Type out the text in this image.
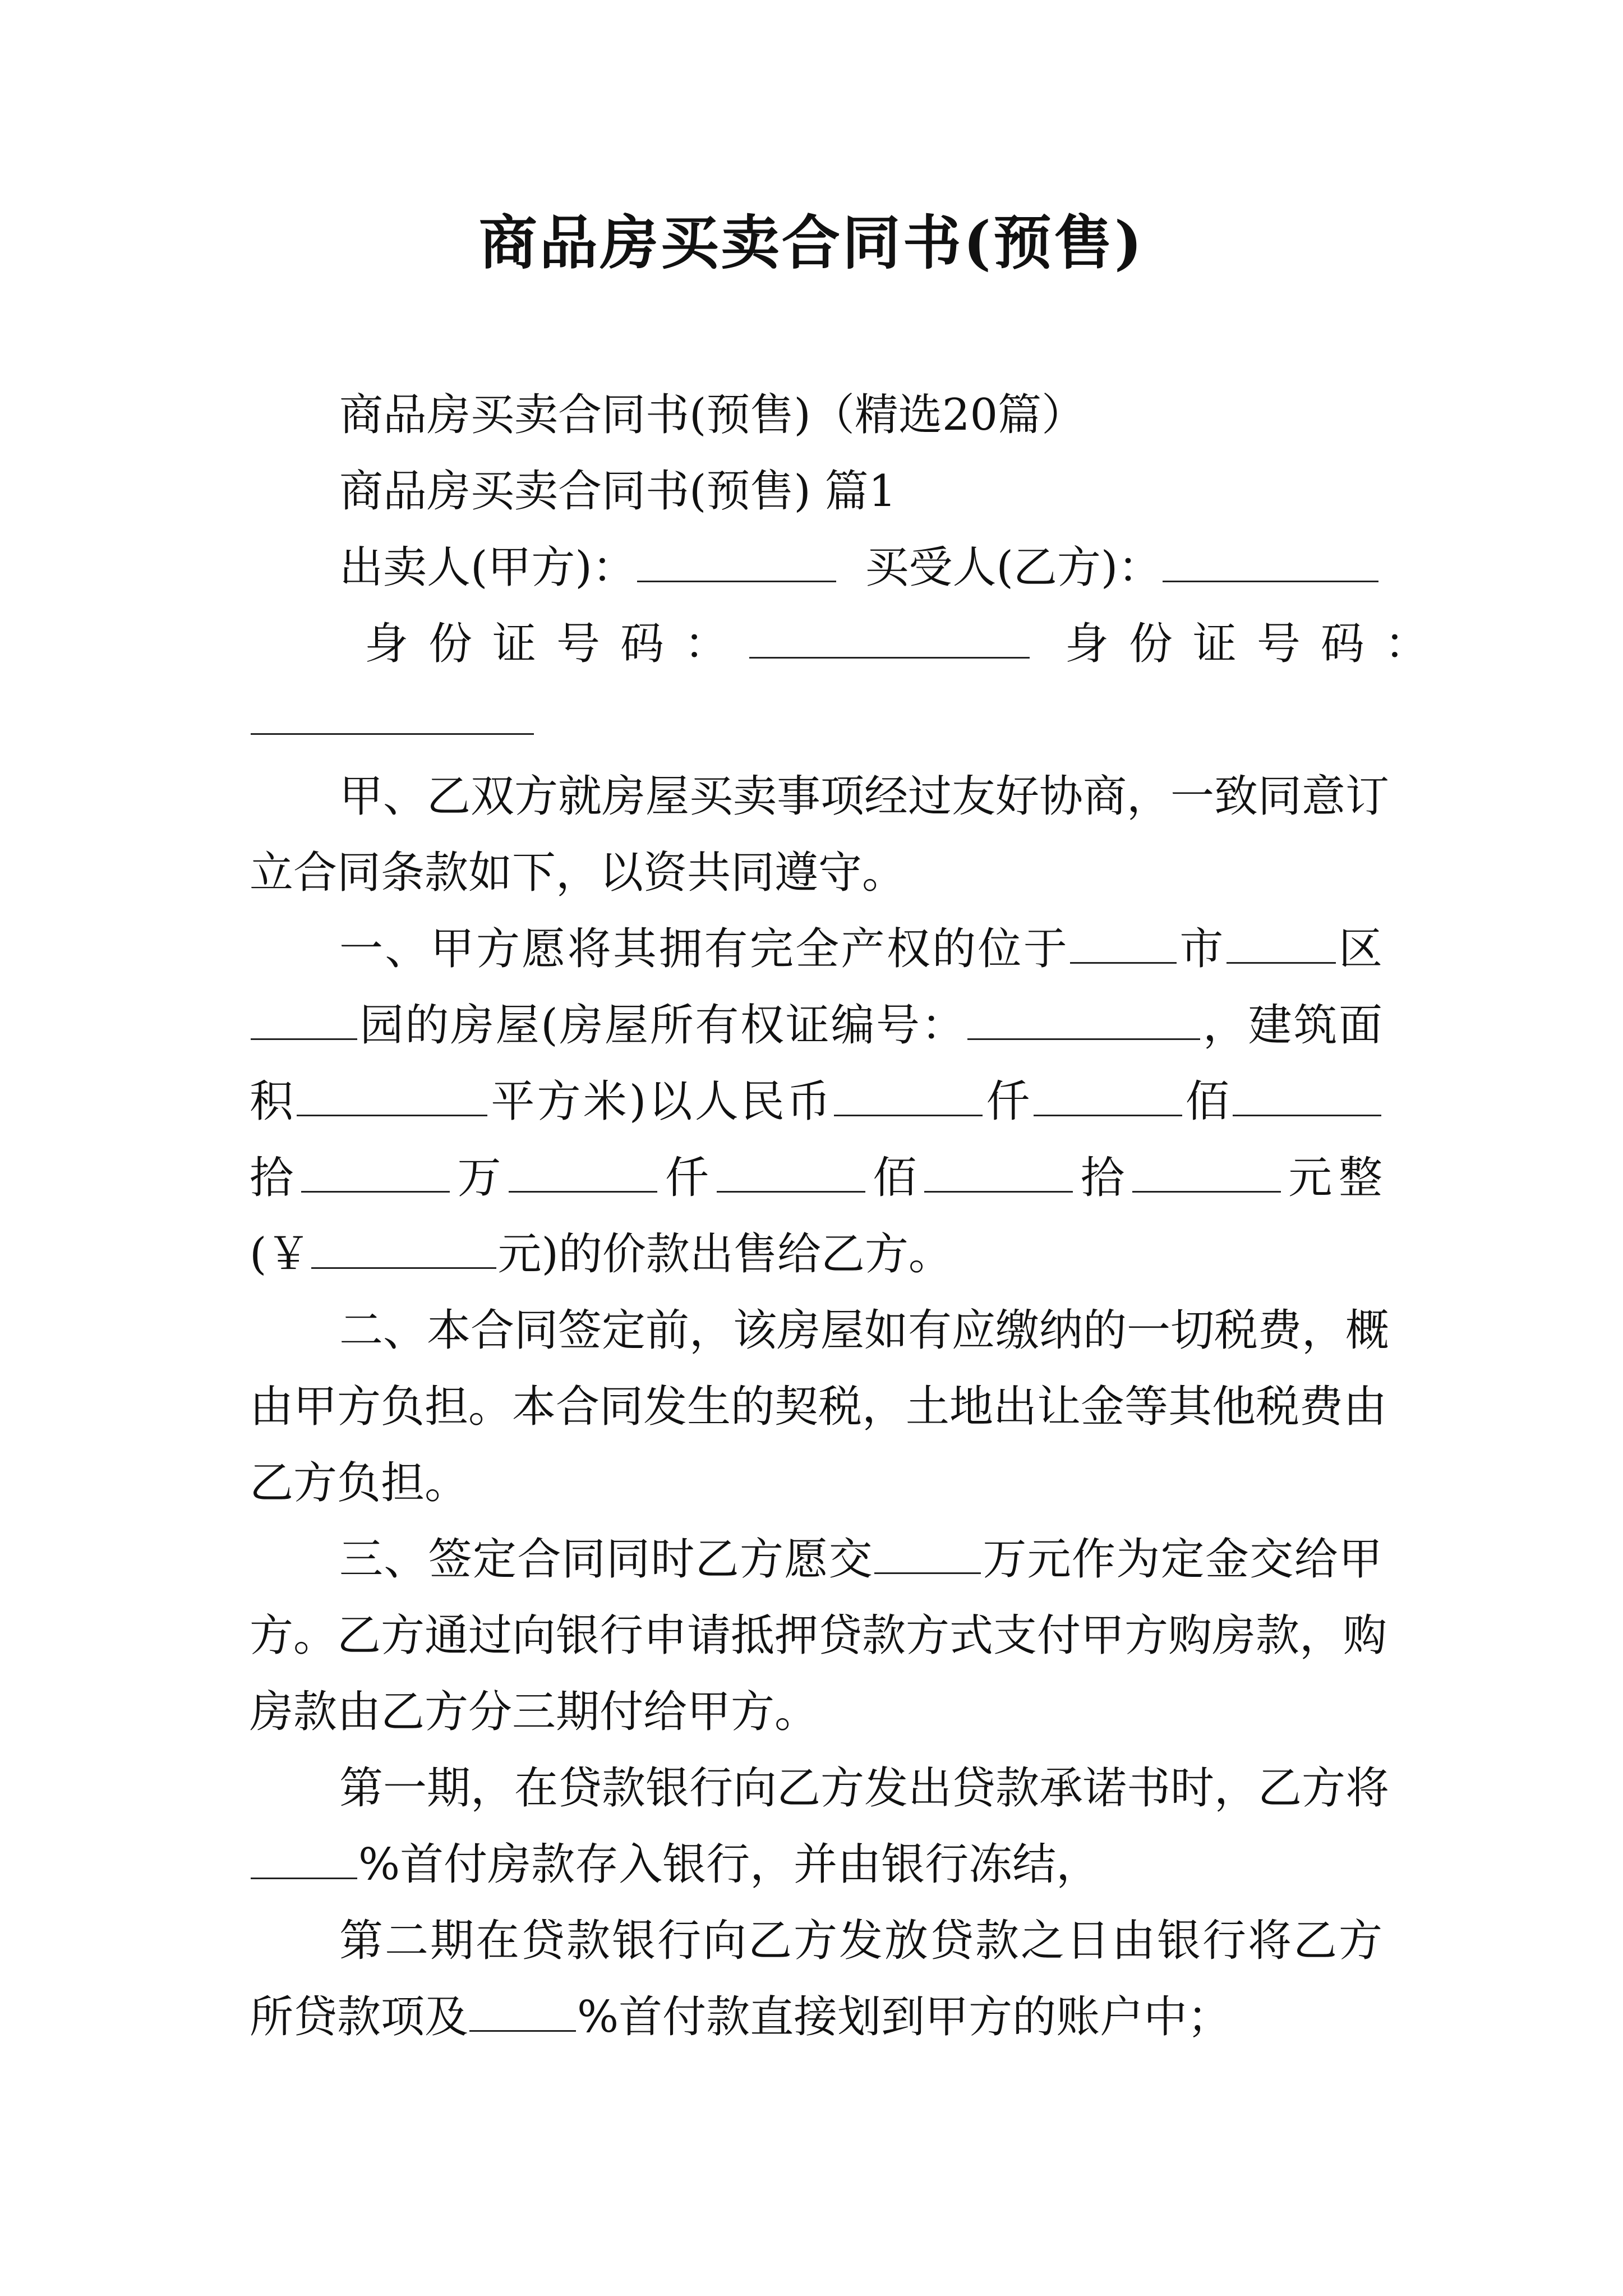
商品房买卖合同书(预售)
商品房买卖合同书(预售)（精选20篇）
商品房买卖合同书(预售) 篇1
出卖人(甲方)：	买受人(乙方)：
身份证号码：	身份证号码：
甲、乙双方就房屋买卖事项经过友好协商，一致同意订
立合同条款如下，以资共同遵守。
一、甲方愿将其拥有完全产权的位于 市	区
园的房屋(房屋所有权证编号：	，建筑面
积	平方米)以人民币	仟	佰
拾	万	仟	佰	拾	元整
(￥	元)的价款出售给乙方。
二、本合同签定前，该房屋如有应缴纳的一切税费，概
由甲方负担。本合同发生的契税，土地出让金等其他税费由
乙方负担。
三、签定合同同时乙方愿交 万元作为定金交给甲
方。乙方通过向银行申请抵押贷款方式支付甲方购房款，购
房款由乙方分三期付给甲方。
第一期，在贷款银行向乙方发出贷款承诺书时，乙方将
%首付房款存入银行，并由银行冻结，
第二期在贷款银行向乙方发放贷款之日由银行将乙方
所贷款项及 %首付款直接划到甲方的账户中；
